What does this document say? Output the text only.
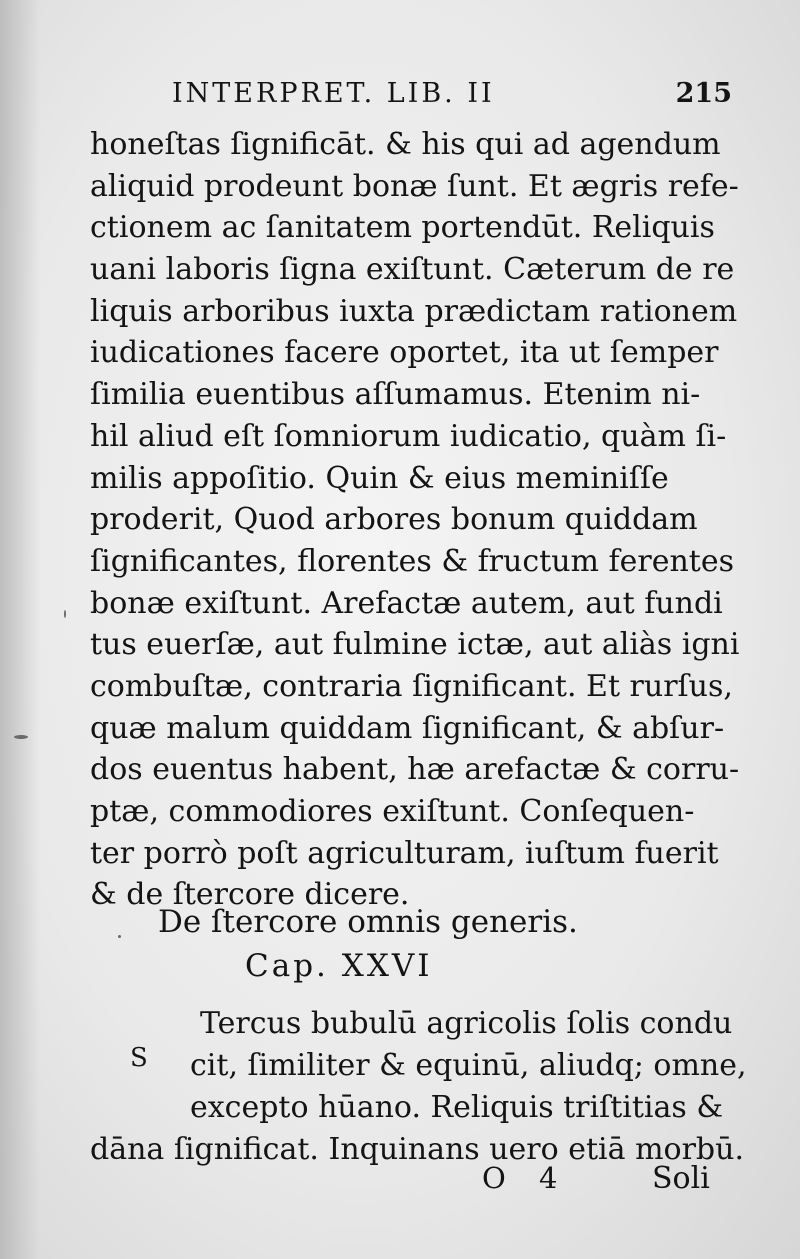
INTERPRET. LIB. II	215
honeſtas ſignificāt. & his qui ad agendum
aliquid prodeunt bonæ ſunt. Et ægris refe-
ctionem ac ſanitatem portendūt. Reliquis
uani laboris ſigna exiſtunt. Cæterum de re
liquis arboribus iuxta prædictam rationem
iudicationes facere oportet, ita ut ſemper
ſimilia euentibus aſſumamus. Etenim ni-
hil aliud eſt ſomniorum iudicatio, quàm ſi-
milis appoſitio. Quin & eius meminiſſe
proderit, Quod arbores bonum quiddam
ſignificantes, florentes & fructum ferentes
bonæ exiſtunt. Arefactæ autem, aut fundi
tus euerſæ, aut fulmine ictæ, aut aliàs igni
combuſtæ, contraria ſignificant. Et rurſus,
quæ malum quiddam ſignificant, & abſur-
dos euentus habent, hæ arefactæ & corru-
ptæ, commodiores exiſtunt. Conſequen-
ter porrò poſt agriculturam, iuſtum fuerit
& de ſtercore dicere.
De ſtercore omnis generis.
Cap. XXVI
S
Tercus bubulū agricolis ſolis condu
cit, ſimiliter & equinū, aliudq; omne,
excepto hūano. Reliquis triſtitias &
dāna ſignificat. Inquinans uero etiā morbū.
O 4	Soli
